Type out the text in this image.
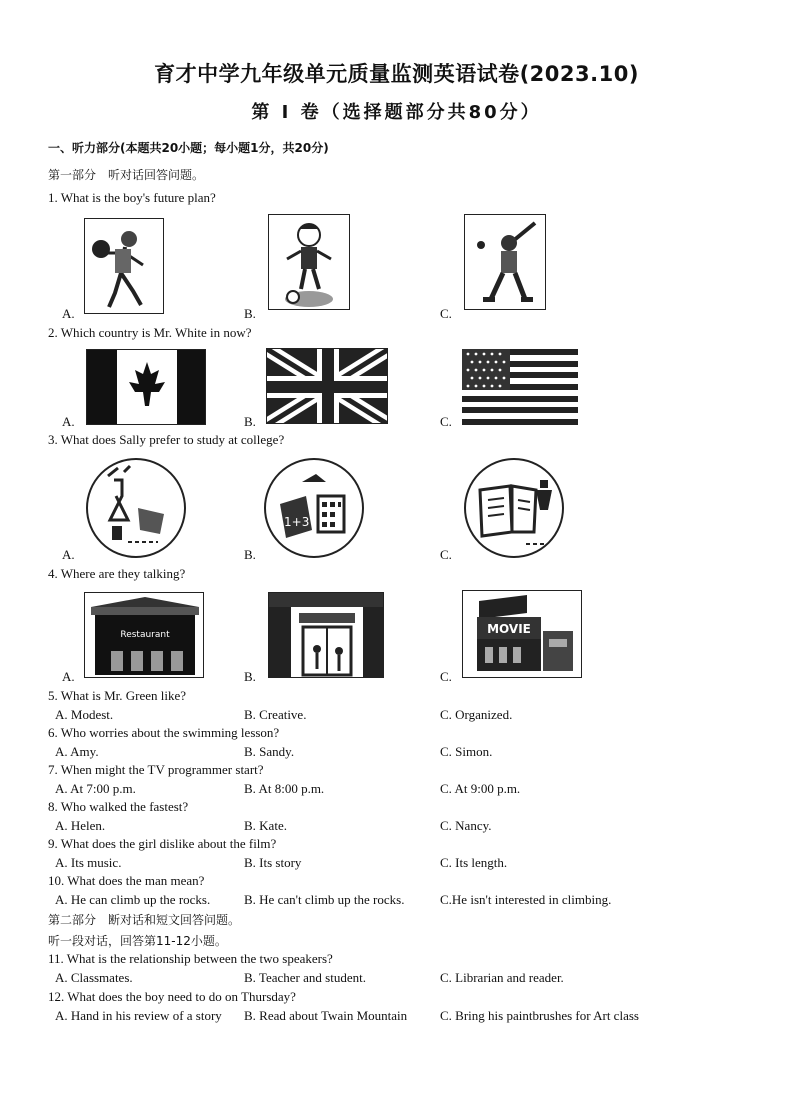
育才中学九年级单元质量监测英语试卷(2023.10)
第 I 卷（选择题部分共80分）
一、听力部分(本题共20小题；每小题1分，共20分)
第一部分　听对话回答问题。
1. What is the boy's future plan?
A.	B.	C.
2. Which country is Mr. White in now?
A.	B.	C.
3. What does Sally prefer to study at college?
A.
1+3
B.	C.
4. Where are they talking?
Restaurant
A.	B.
MOVIE
C.
5. What is Mr. Green like?
A. Modest.	B. Creative.	C. Organized.
6. Who worries about the swimming lesson?
A. Amy.	B. Sandy.	C. Simon.
7. When might the TV programmer start?
A. At 7:00 p.m.	B. At 8:00 p.m.	C. At 9:00 p.m.
8. Who walked the fastest?
A. Helen.	B. Kate.	C. Nancy.
9. What does the girl dislike about the film?
A. Its music.	B. Its story	C. Its length.
10. What does the man mean?
A. He can climb up the rocks.	B. He can't climb up the rocks.	C.He isn't interested in climbing.
第二部分　断对话和短文回答问题。
听一段对话，回答第11-12小题。
11. What is the relationship between the two speakers?
A. Classmates.	B. Teacher and student.	C. Librarian and reader.
12. What does the boy need to do on Thursday?
A. Hand in his review of a story B. Read about Twain Mountain	C. Bring his paintbrushes for Art class
